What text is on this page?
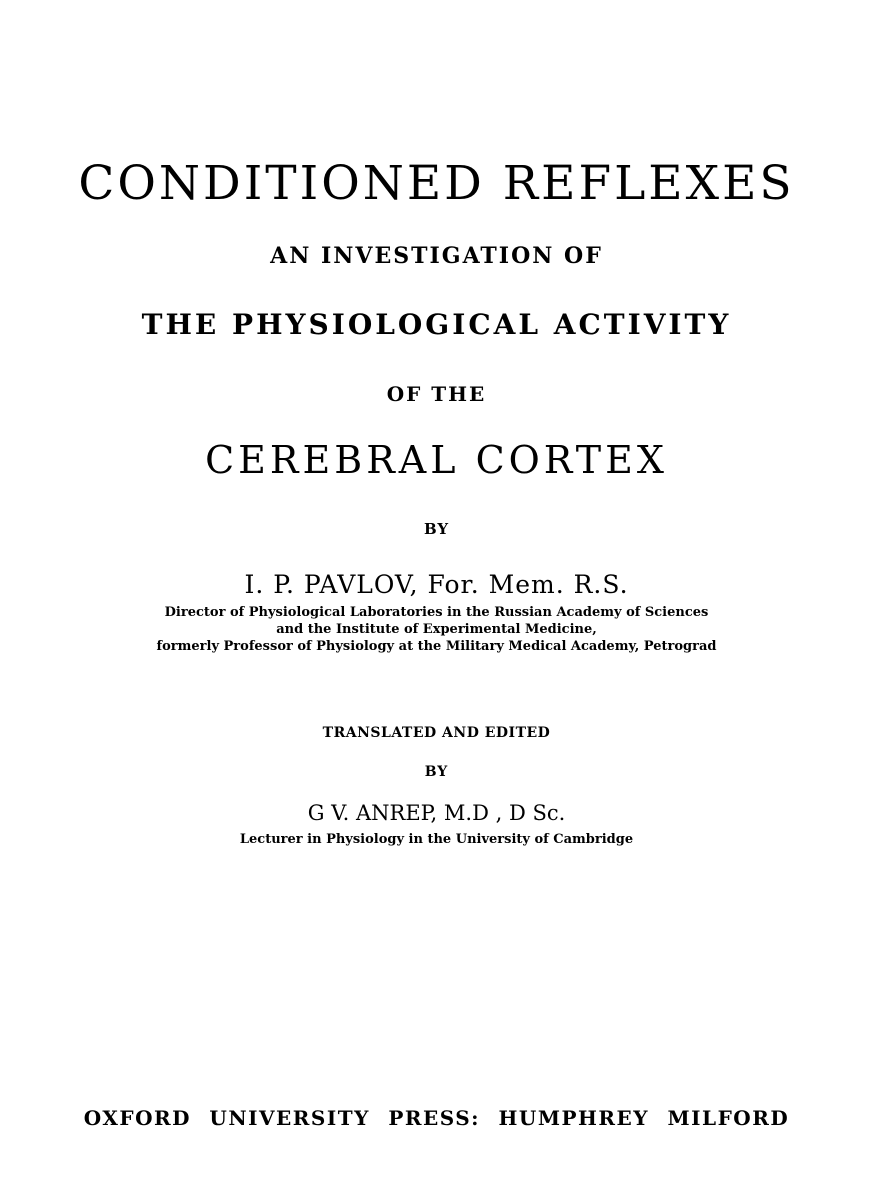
CONDITIONED REFLEXES
AN INVESTIGATION OF
THE PHYSIOLOGICAL ACTIVITY
OF THE
CEREBRAL CORTEX
BY
I. P. PAVLOV, For. Mem. R.S.
Director of Physiological Laboratories in the Russian Academy of Sciences
and the Institute of Experimental Medicine,
formerly Professor of Physiology at the Military Medical Academy, Petrograd
TRANSLATED AND EDITED
BY
G V. ANREP, M.D , D Sc.
Lecturer in Physiology in the University of Cambridge
OXFORD UNIVERSITY PRESS: HUMPHREY MILFORD
